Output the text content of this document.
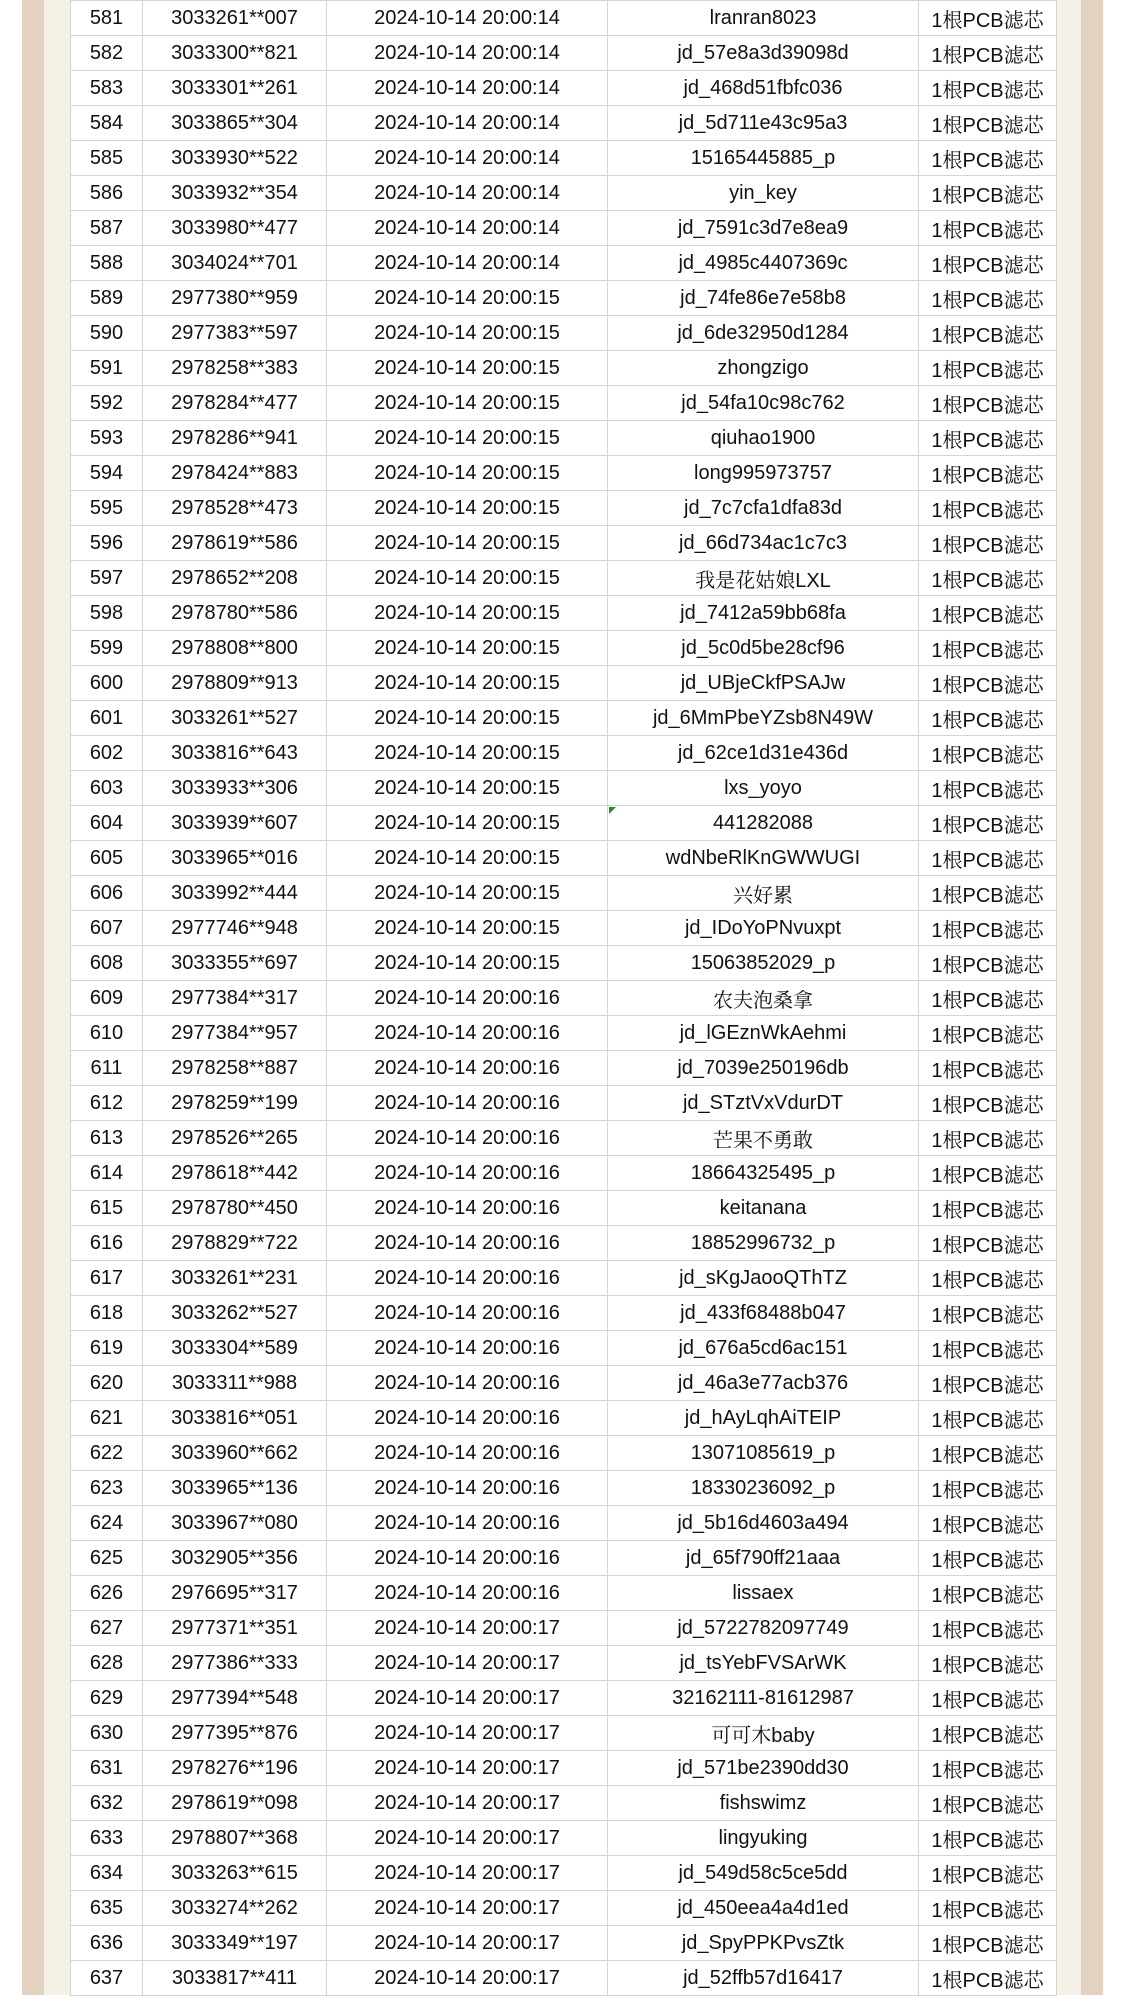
581	3033261**007	2024-10-14 20:00:14	lranran8023	1根PCB滤芯
582	3033300**821	2024-10-14 20:00:14	jd_57e8a3d39098d	1根PCB滤芯
583	3033301**261	2024-10-14 20:00:14	jd_468d51fbfc036	1根PCB滤芯
584	3033865**304	2024-10-14 20:00:14	jd_5d711e43c95a3	1根PCB滤芯
585	3033930**522	2024-10-14 20:00:14	15165445885_p	1根PCB滤芯
586	3033932**354	2024-10-14 20:00:14	yin_key	1根PCB滤芯
587	3033980**477	2024-10-14 20:00:14	jd_7591c3d7e8ea9	1根PCB滤芯
588	3034024**701	2024-10-14 20:00:14	jd_4985c4407369c	1根PCB滤芯
589	2977380**959	2024-10-14 20:00:15	jd_74fe86e7e58b8	1根PCB滤芯
590	2977383**597	2024-10-14 20:00:15	jd_6de32950d1284	1根PCB滤芯
591	2978258**383	2024-10-14 20:00:15	zhongzigo	1根PCB滤芯
592	2978284**477	2024-10-14 20:00:15	jd_54fa10c98c762	1根PCB滤芯
593	2978286**941	2024-10-14 20:00:15	qiuhao1900	1根PCB滤芯
594	2978424**883	2024-10-14 20:00:15	long995973757	1根PCB滤芯
595	2978528**473	2024-10-14 20:00:15	jd_7c7cfa1dfa83d	1根PCB滤芯
596	2978619**586	2024-10-14 20:00:15	jd_66d734ac1c7c3	1根PCB滤芯
597	2978652**208	2024-10-14 20:00:15	我是花姑娘LXL	1根PCB滤芯
598	2978780**586	2024-10-14 20:00:15	jd_7412a59bb68fa	1根PCB滤芯
599	2978808**800	2024-10-14 20:00:15	jd_5c0d5be28cf96	1根PCB滤芯
600	2978809**913	2024-10-14 20:00:15	jd_UBjeCkfPSAJw	1根PCB滤芯
601	3033261**527	2024-10-14 20:00:15	jd_6MmPbeYZsb8N49W	1根PCB滤芯
602	3033816**643	2024-10-14 20:00:15	jd_62ce1d31e436d	1根PCB滤芯
603	3033933**306	2024-10-14 20:00:15	lxs_yoyo	1根PCB滤芯
604	3033939**607	2024-10-14 20:00:15	441282088	1根PCB滤芯
605	3033965**016	2024-10-14 20:00:15	wdNbeRlKnGWWUGI	1根PCB滤芯
606	3033992**444	2024-10-14 20:00:15	兴好累	1根PCB滤芯
607	2977746**948	2024-10-14 20:00:15	jd_IDoYoPNvuxpt	1根PCB滤芯
608	3033355**697	2024-10-14 20:00:15	15063852029_p	1根PCB滤芯
609	2977384**317	2024-10-14 20:00:16	农夫泡桑拿	1根PCB滤芯
610	2977384**957	2024-10-14 20:00:16	jd_lGEznWkAehmi	1根PCB滤芯
611	2978258**887	2024-10-14 20:00:16	jd_7039e250196db	1根PCB滤芯
612	2978259**199	2024-10-14 20:00:16	jd_STztVxVdurDT	1根PCB滤芯
613	2978526**265	2024-10-14 20:00:16	芒果不勇敢	1根PCB滤芯
614	2978618**442	2024-10-14 20:00:16	18664325495_p	1根PCB滤芯
615	2978780**450	2024-10-14 20:00:16	keitanana	1根PCB滤芯
616	2978829**722	2024-10-14 20:00:16	18852996732_p	1根PCB滤芯
617	3033261**231	2024-10-14 20:00:16	jd_sKgJaooQThTZ	1根PCB滤芯
618	3033262**527	2024-10-14 20:00:16	jd_433f68488b047	1根PCB滤芯
619	3033304**589	2024-10-14 20:00:16	jd_676a5cd6ac151	1根PCB滤芯
620	3033311**988	2024-10-14 20:00:16	jd_46a3e77acb376	1根PCB滤芯
621	3033816**051	2024-10-14 20:00:16	jd_hAyLqhAiTEIP	1根PCB滤芯
622	3033960**662	2024-10-14 20:00:16	13071085619_p	1根PCB滤芯
623	3033965**136	2024-10-14 20:00:16	18330236092_p	1根PCB滤芯
624	3033967**080	2024-10-14 20:00:16	jd_5b16d4603a494	1根PCB滤芯
625	3032905**356	2024-10-14 20:00:16	jd_65f790ff21aaa	1根PCB滤芯
626	2976695**317	2024-10-14 20:00:16	lissaex	1根PCB滤芯
627	2977371**351	2024-10-14 20:00:17	jd_5722782097749	1根PCB滤芯
628	2977386**333	2024-10-14 20:00:17	jd_tsYebFVSArWK	1根PCB滤芯
629	2977394**548	2024-10-14 20:00:17	32162111-81612987	1根PCB滤芯
630	2977395**876	2024-10-14 20:00:17	可可木baby	1根PCB滤芯
631	2978276**196	2024-10-14 20:00:17	jd_571be2390dd30	1根PCB滤芯
632	2978619**098	2024-10-14 20:00:17	fishswimz	1根PCB滤芯
633	2978807**368	2024-10-14 20:00:17	lingyuking	1根PCB滤芯
634	3033263**615	2024-10-14 20:00:17	jd_549d58c5ce5dd	1根PCB滤芯
635	3033274**262	2024-10-14 20:00:17	jd_450eea4a4d1ed	1根PCB滤芯
636	3033349**197	2024-10-14 20:00:17	jd_SpyPPKPvsZtk	1根PCB滤芯
637	3033817**411	2024-10-14 20:00:17	jd_52ffb57d16417	1根PCB滤芯
